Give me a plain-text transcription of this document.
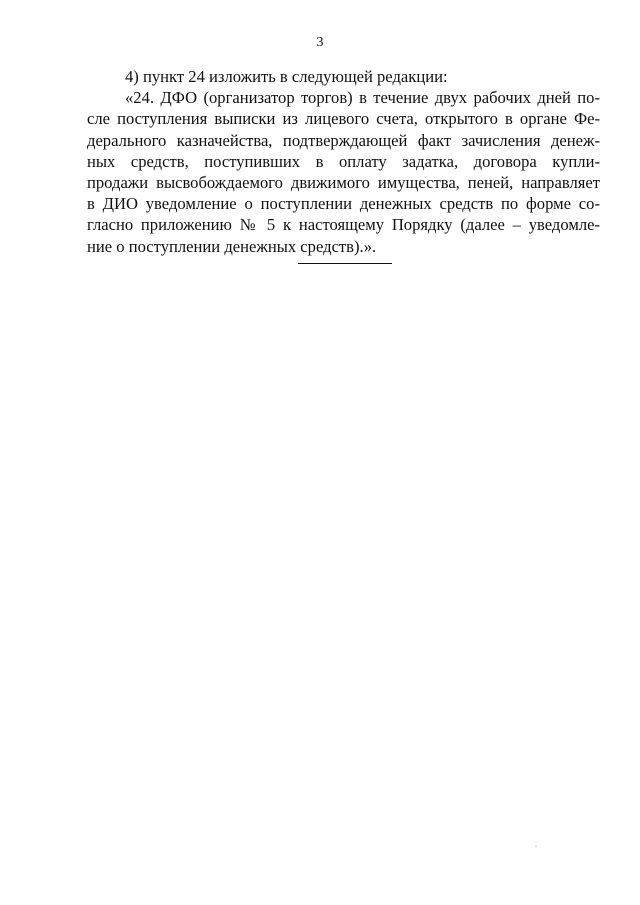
3
4) пункт 24 изложить в следующей редакции:
«24. ДФО (организатор торгов) в течение двух рабочих дней по-
сле поступления выписки из лицевого счета, открытого в органе Фе-
дерального казначейства, подтверждающей факт зачисления денеж-
ных средств, поступивших в оплату задатка, договора купли-
продажи высвобождаемого движимого имущества, пеней, направляет
в ДИО уведомление о поступлении денежных средств по форме со-
гласно приложению № 5 к настоящему Порядку (далее – уведомле-
ние о поступлении денежных средств).».
